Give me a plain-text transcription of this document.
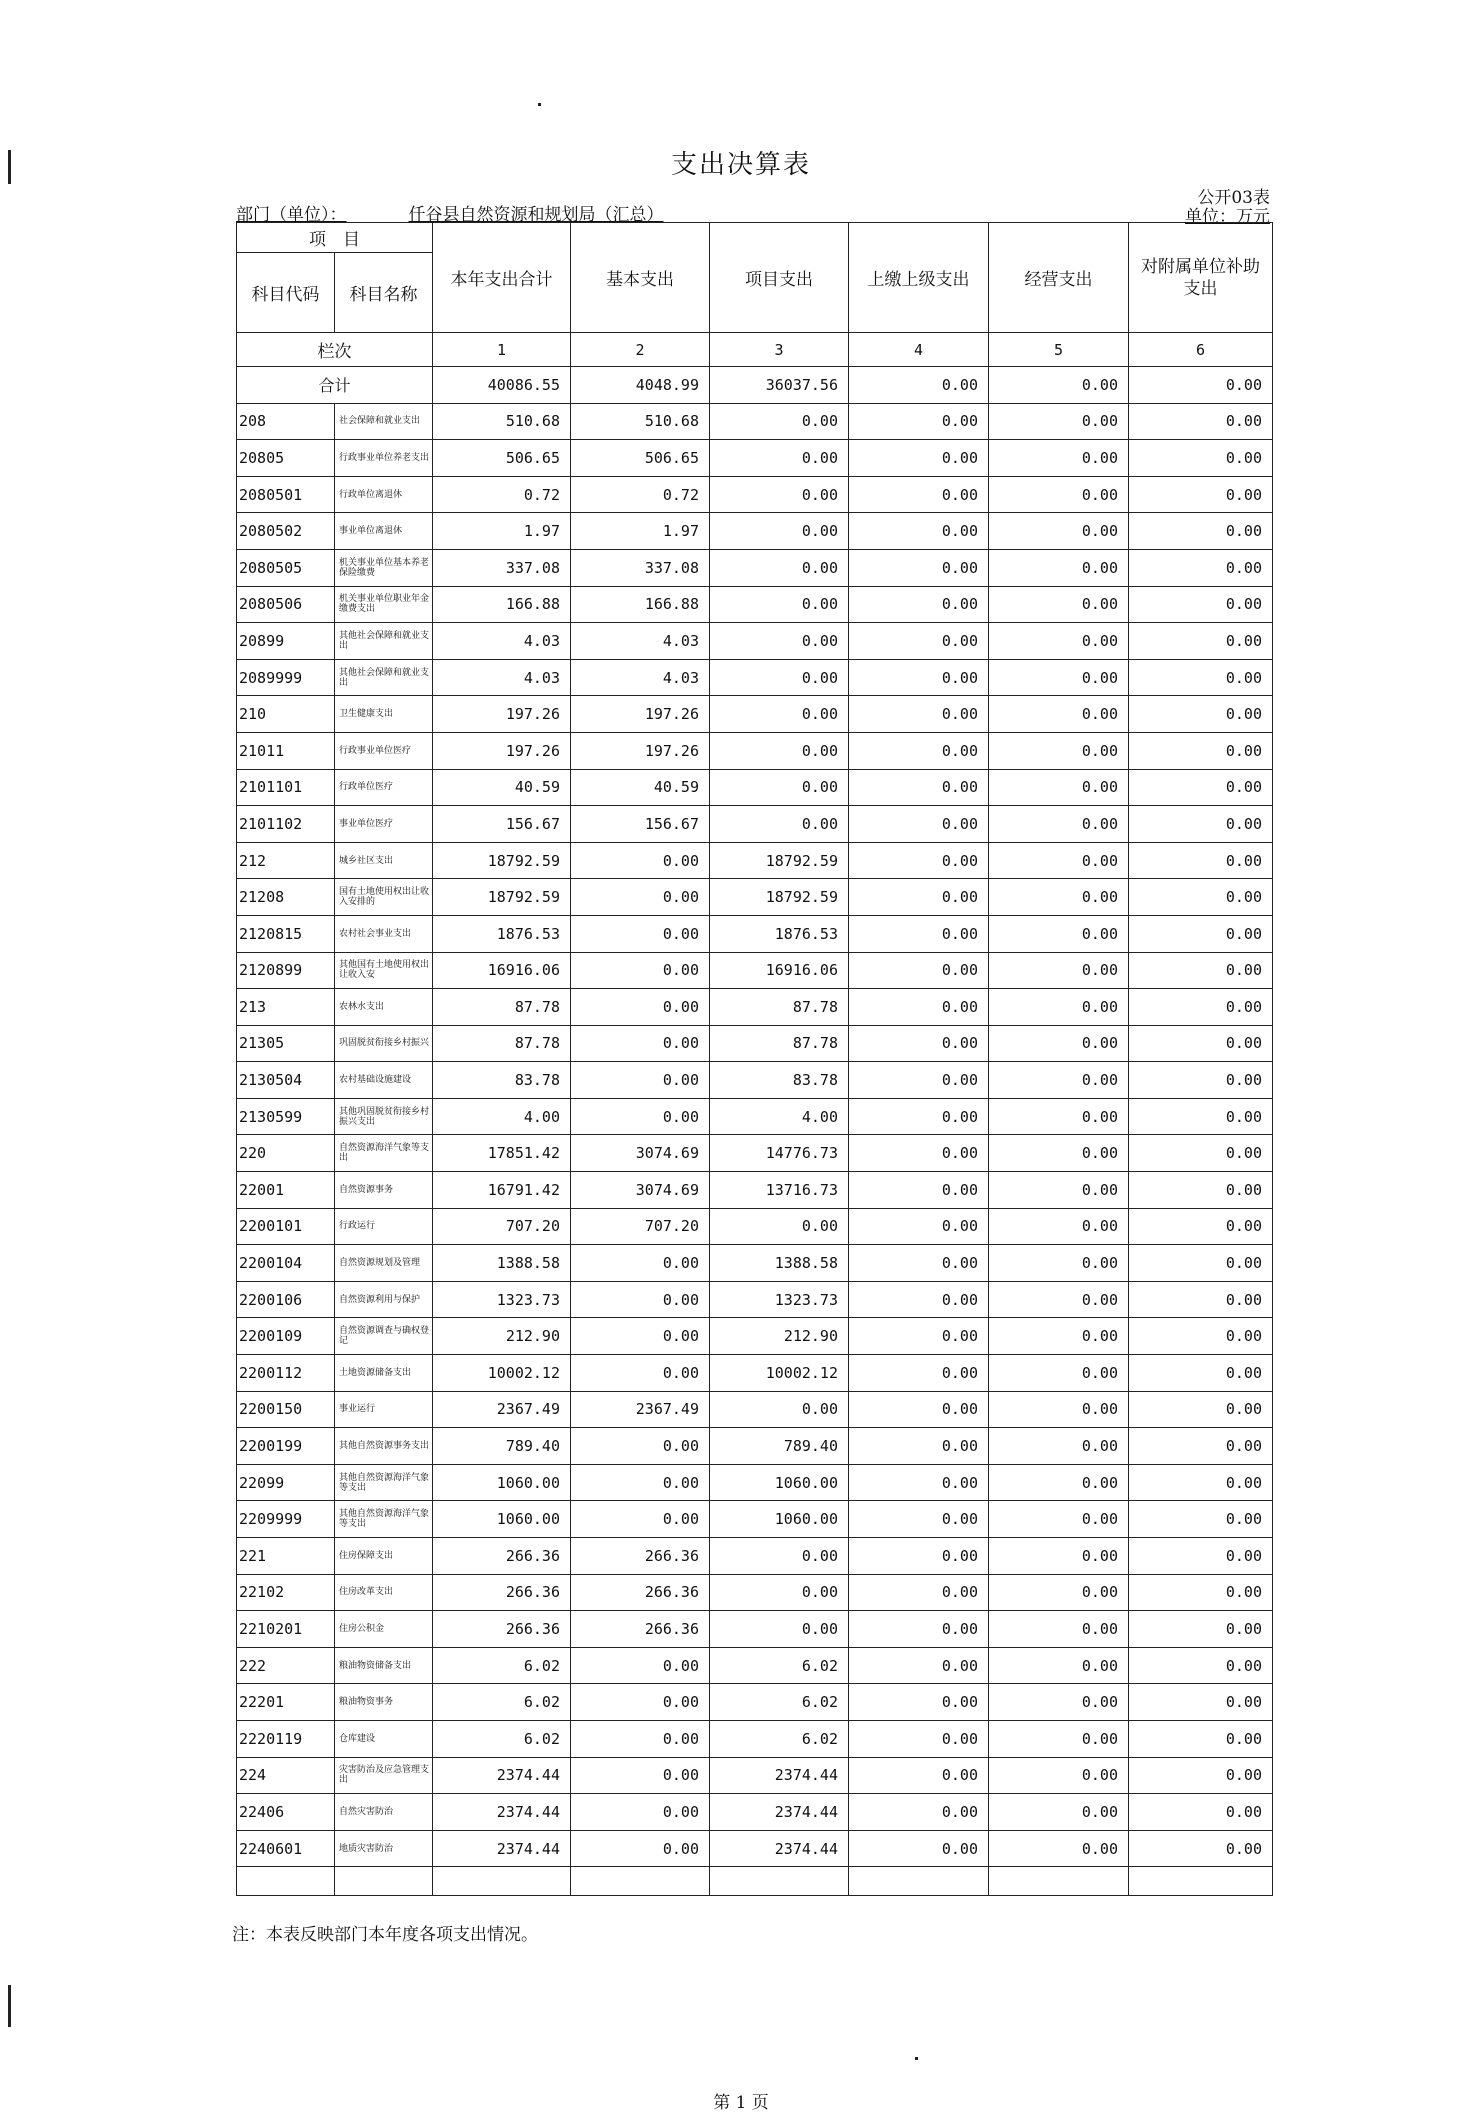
支出决算表
公开03表
部门（单位）：	仟谷县自然资源和规划局（汇总）	单位：万元
项　目		本年支出合计	基本支出	项目支出	上缴上级支出	经营支出	对附属单位补助支出
科目代码	科目名称						
栏次		1	2	3	4	5	6
合计		40086.55	4048.99	36037.56	0.00	0.00	0.00
208	社会保障和就业支出	510.68	510.68	0.00	0.00	0.00	0.00
20805	行政事业单位养老支出	506.65	506.65	0.00	0.00	0.00	0.00
2080501	行政单位离退休	0.72	0.72	0.00	0.00	0.00	0.00
2080502	事业单位离退休	1.97	1.97	0.00	0.00	0.00	0.00
2080505	机关事业单位基本养老保险缴费	337.08	337.08	0.00	0.00	0.00	0.00
2080506	机关事业单位职业年金缴费支出	166.88	166.88	0.00	0.00	0.00	0.00
20899	其他社会保障和就业支出	4.03	4.03	0.00	0.00	0.00	0.00
2089999	其他社会保障和就业支出	4.03	4.03	0.00	0.00	0.00	0.00
210	卫生健康支出	197.26	197.26	0.00	0.00	0.00	0.00
21011	行政事业单位医疗	197.26	197.26	0.00	0.00	0.00	0.00
2101101	行政单位医疗	40.59	40.59	0.00	0.00	0.00	0.00
2101102	事业单位医疗	156.67	156.67	0.00	0.00	0.00	0.00
212	城乡社区支出	18792.59	0.00	18792.59	0.00	0.00	0.00
21208	国有土地使用权出让收入安排的	18792.59	0.00	18792.59	0.00	0.00	0.00
2120815	农村社会事业支出	1876.53	0.00	1876.53	0.00	0.00	0.00
2120899	其他国有土地使用权出让收入安	16916.06	0.00	16916.06	0.00	0.00	0.00
213	农林水支出	87.78	0.00	87.78	0.00	0.00	0.00
21305	巩固脱贫衔接乡村振兴	87.78	0.00	87.78	0.00	0.00	0.00
2130504	农村基础设施建设	83.78	0.00	83.78	0.00	0.00	0.00
2130599	其他巩固脱贫衔接乡村振兴支出	4.00	0.00	4.00	0.00	0.00	0.00
220	自然资源海洋气象等支出	17851.42	3074.69	14776.73	0.00	0.00	0.00
22001	自然资源事务	16791.42	3074.69	13716.73	0.00	0.00	0.00
2200101	行政运行	707.20	707.20	0.00	0.00	0.00	0.00
2200104	自然资源规划及管理	1388.58	0.00	1388.58	0.00	0.00	0.00
2200106	自然资源利用与保护	1323.73	0.00	1323.73	0.00	0.00	0.00
2200109	自然资源调查与确权登记	212.90	0.00	212.90	0.00	0.00	0.00
2200112	土地资源储备支出	10002.12	0.00	10002.12	0.00	0.00	0.00
2200150	事业运行	2367.49	2367.49	0.00	0.00	0.00	0.00
2200199	其他自然资源事务支出	789.40	0.00	789.40	0.00	0.00	0.00
22099	其他自然资源海洋气象等支出	1060.00	0.00	1060.00	0.00	0.00	0.00
2209999	其他自然资源海洋气象等支出	1060.00	0.00	1060.00	0.00	0.00	0.00
221	住房保障支出	266.36	266.36	0.00	0.00	0.00	0.00
22102	住房改革支出	266.36	266.36	0.00	0.00	0.00	0.00
2210201	住房公积金	266.36	266.36	0.00	0.00	0.00	0.00
222	粮油物资储备支出	6.02	0.00	6.02	0.00	0.00	0.00
22201	粮油物资事务	6.02	0.00	6.02	0.00	0.00	0.00
2220119	仓库建设	6.02	0.00	6.02	0.00	0.00	0.00
224	灾害防治及应急管理支出	2374.44	0.00	2374.44	0.00	0.00	0.00
22406	自然灾害防治	2374.44	0.00	2374.44	0.00	0.00	0.00
2240601	地质灾害防治	2374.44	0.00	2374.44	0.00	0.00	0.00

注：本表反映部门本年度各项支出情况。
第 1 页
